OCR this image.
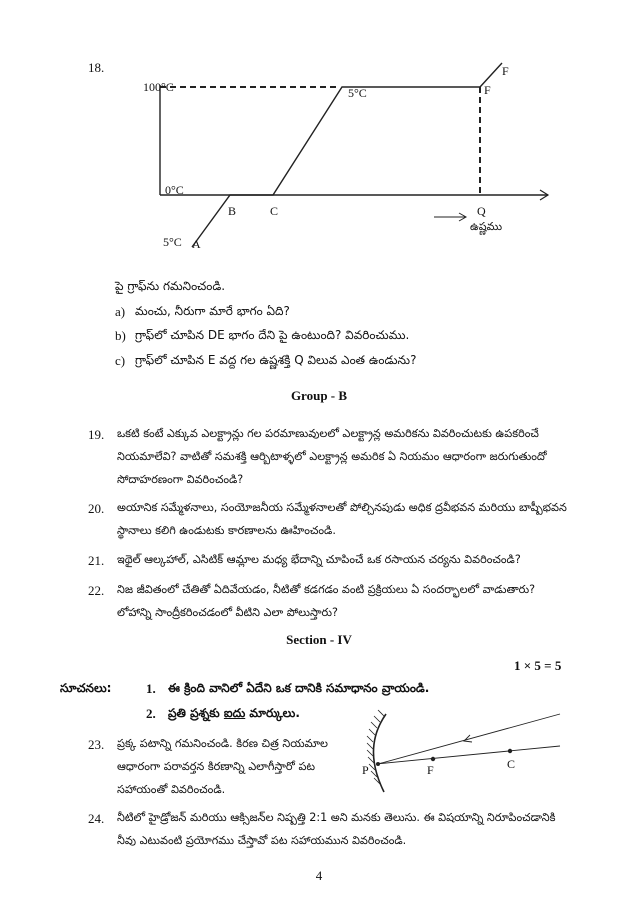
18.
100°C
0°C
5°C A
B	C	Q
5°C	F
F
ఉష్ణము
పై గ్రాఫ్‌ను గమనించండి.
a) మంచు, నీరుగా మారే భాగం ఏది?
b) గ్రాఫ్‌లో చూపిన DE భాగం దేని పై ఉంటుంది? వివరించుము.
c) గ్రాఫ్‌లో చూపిన E వద్ద గల ఉష్ణశక్తి Q విలువ ఎంత ఉండును?
Group - B
19. ఒకటి కంటే ఎక్కువ ఎలక్ట్రాన్లు గల పరమాణువులలో ఎలక్ట్రాన్ల అమరికను వివరించుటకు ఉపకరించే
నియమాలేవి? వాటితో సమశక్తి ఆర్బిటాళ్ళలో ఎలక్ట్రాన్ల అమరిక ఏ నియమం ఆధారంగా జరుగుతుందో
సోదాహరణంగా వివరించండి?
20. అయానిక సమ్మేళనాలు, సంయోజనీయ సమ్మేళనాలతో పోల్చినపుడు అధిక ద్రవీభవన మరియు బాష్పీభవన
స్థానాలు కలిగి ఉండుటకు కారణాలను ఊహించండి.
21. ఇథైల్ ఆల్కహాల్, ఎసిటిక్ ఆమ్లాల మధ్య భేదాన్ని చూపించే ఒక రసాయన చర్యను వివరించండి?
22. నిజ జీవితంలో చేతితో ఏదివేయడం, నీటితో కడగడం వంటి ప్రక్రియలు ఏ సందర్భాలలో వాడుతారు?
లోహాన్ని సాంద్రీకరించడంలో వీటిని ఎలా పోలుస్తారు?
Section - IV
1 × 5 = 5
సూచనలు:	1. ఈ క్రింది వానిలో ఏదేని ఒక దానికి సమాధానం వ్రాయండి.
2. ప్రతి ప్రశ్నకు ఐదు మార్కులు.
23. ప్రక్క పటాన్ని గమనించండి. కిరణ చిత్ర నియమాల
ఆధారంగా పరావర్తన కిరణాన్ని ఎలాగీస్తారో పట
సహాయంతో వివరించండి.
P	F	C
24. నీటిలో హైడ్రోజన్ మరియు ఆక్సిజన్‌ల నిష్పత్తి 2:1 అని మనకు తెలుసు. ఈ విషయాన్ని నిరూపించడానికి
నీవు ఎటువంటి ప్రయోగము చేస్తావో పట సహాయమున వివరించండి.
4
